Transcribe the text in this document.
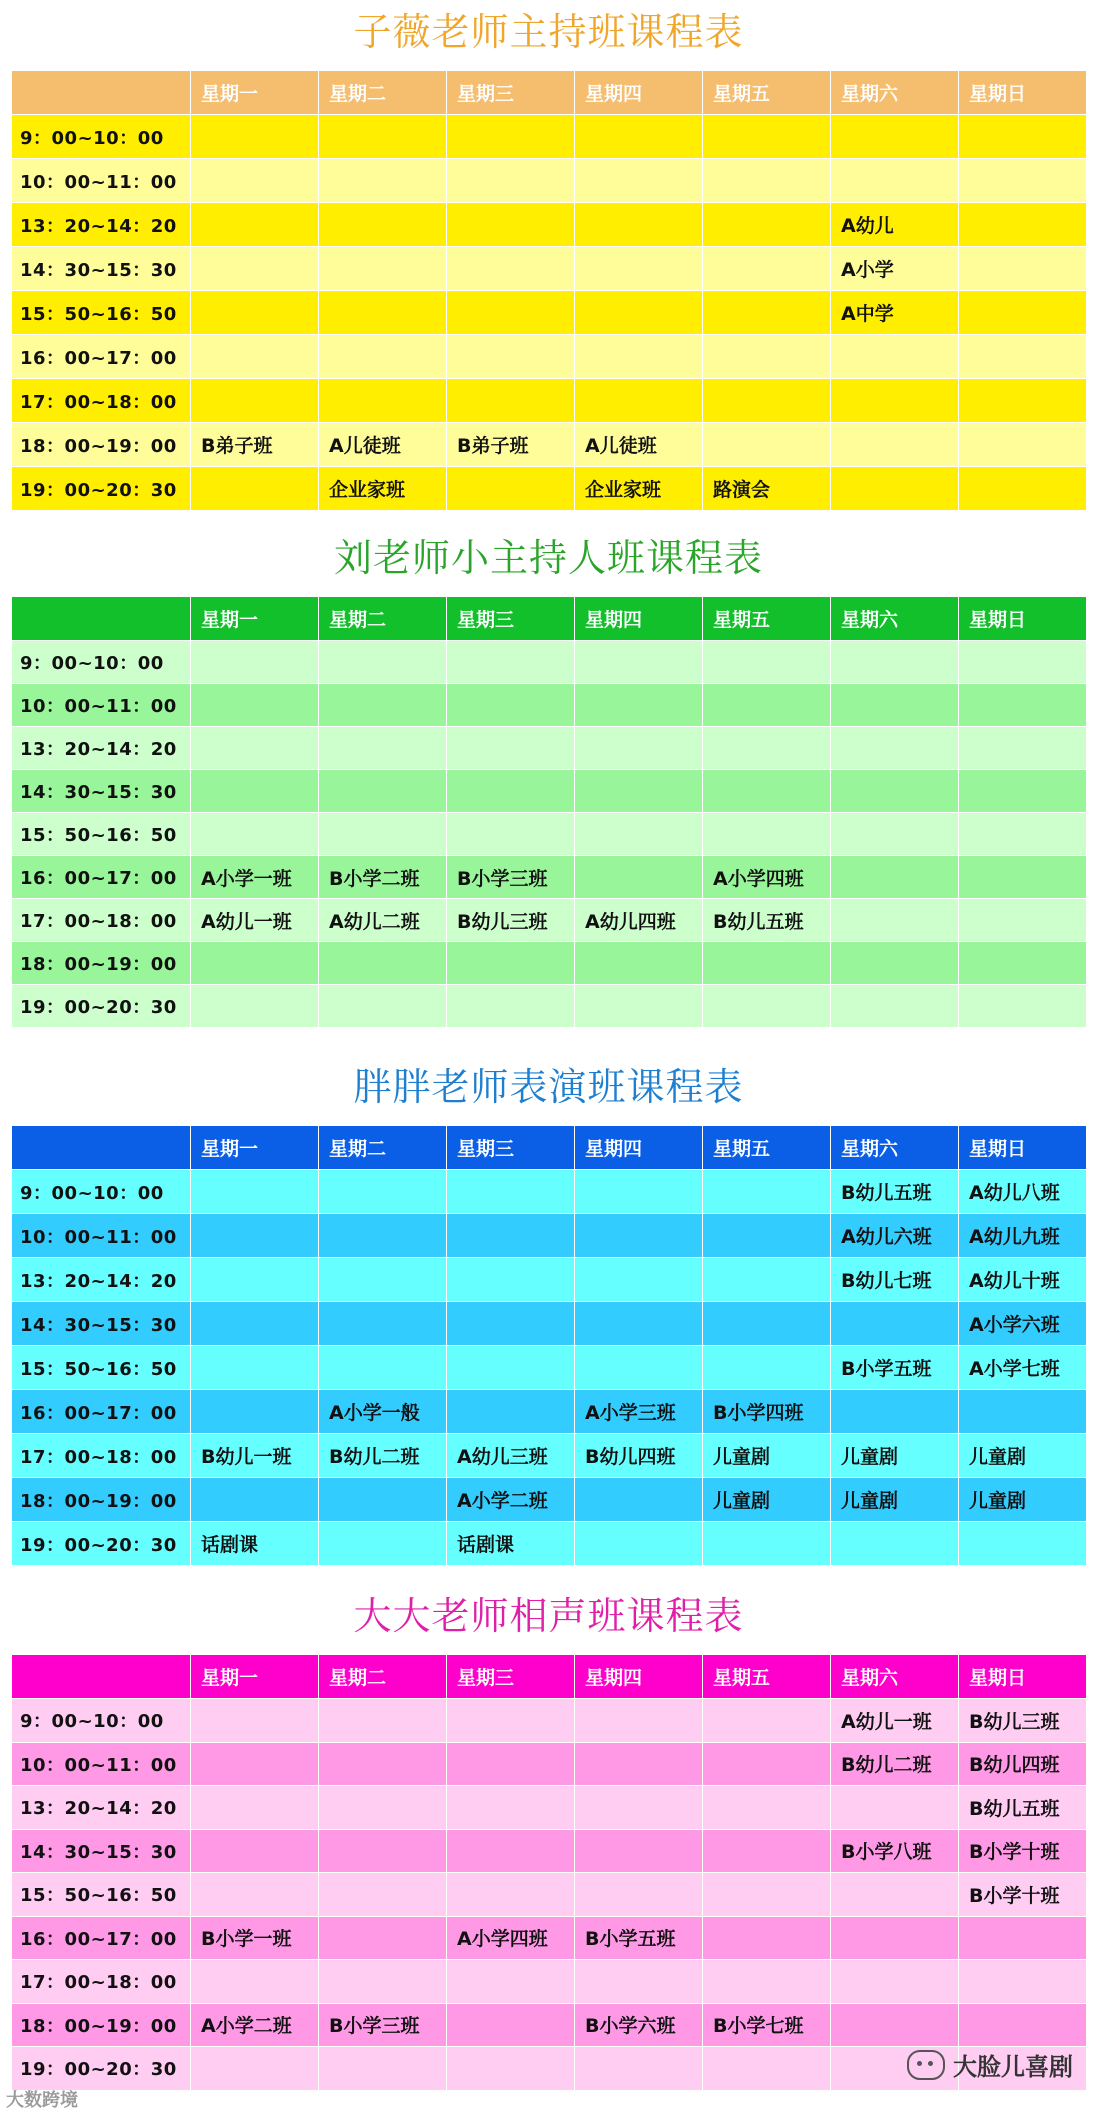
子薇老师主持班课程表
	星期一	星期二	星期三	星期四	星期五	星期六	星期日
9：00~10：00							
10：00~11：00							
13：20~14：20						A幼儿	
14：30~15：30						A小学	
15：50~16：50						A中学	
16：00~17：00							
17：00~18：00							
18：00~19：00	B弟子班	A儿徒班	B弟子班	A儿徒班			
19：00~20：30		企业家班		企业家班	路演会		
刘老师小主持人班课程表
	星期一	星期二	星期三	星期四	星期五	星期六	星期日
9：00~10：00							
10：00~11：00							
13：20~14：20							
14：30~15：30							
15：50~16：50							
16：00~17：00	A小学一班	B小学二班	B小学三班		A小学四班		
17：00~18：00	A幼儿一班	A幼儿二班	B幼儿三班	A幼儿四班	B幼儿五班		
18：00~19：00							
19：00~20：30							
胖胖老师表演班课程表
	星期一	星期二	星期三	星期四	星期五	星期六	星期日
9：00~10：00						B幼儿五班	A幼儿八班
10：00~11：00						A幼儿六班	A幼儿九班
13：20~14：20						B幼儿七班	A幼儿十班
14：30~15：30							A小学六班
15：50~16：50						B小学五班	A小学七班
16：00~17：00		A小学一般		A小学三班	B小学四班		
17：00~18：00	B幼儿一班	B幼儿二班	A幼儿三班	B幼儿四班	儿童剧	儿童剧	儿童剧
18：00~19：00			A小学二班		儿童剧	儿童剧	儿童剧
19：00~20：30	话剧课		话剧课				
大大老师相声班课程表
	星期一	星期二	星期三	星期四	星期五	星期六	星期日
9：00~10：00						A幼儿一班	B幼儿三班
10：00~11：00						B幼儿二班	B幼儿四班
13：20~14：20							B幼儿五班
14：30~15：30						B小学八班	B小学十班
15：50~16：50							B小学十班
16：00~17：00	B小学一班		A小学四班	B小学五班			
17：00~18：00							
18：00~19：00	A小学二班	B小学三班		B小学六班	B小学七班		
19：00~20：30								大脸儿喜剧
大数跨境
